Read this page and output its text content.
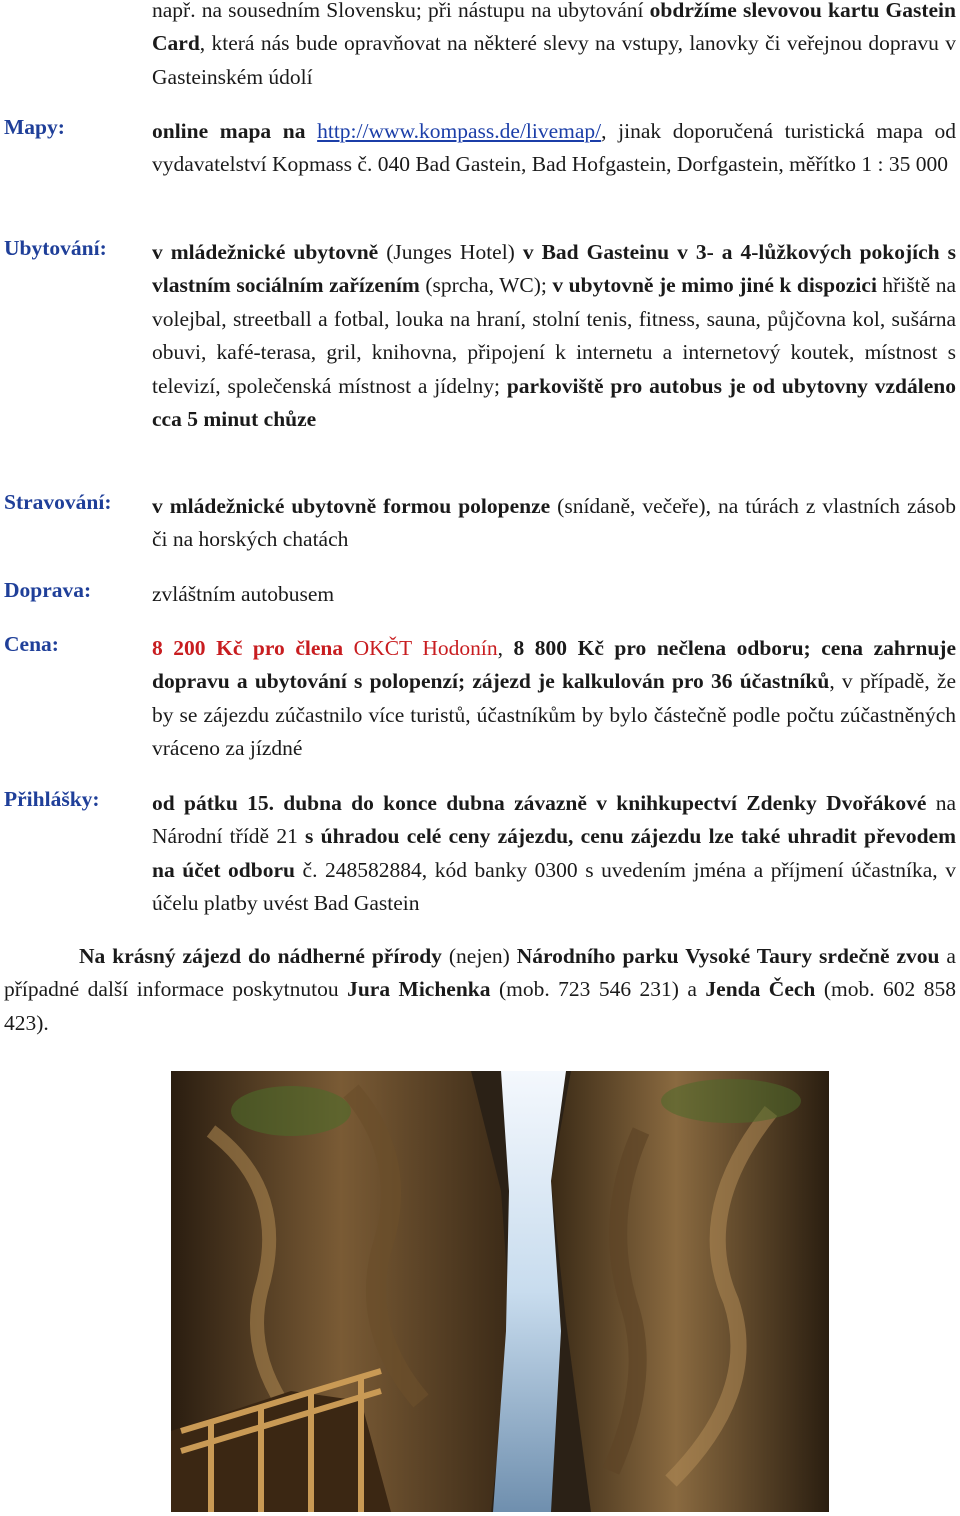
např. na sousedním Slovensku; při nástupu na ubytování obdržíme slevovou kartu Gastein Card, která nás bude opravňovat na některé slevy na vstupy, lanovky či veřejnou dopravu v Gasteinském údolí

Mapy:	online mapa na http://www.kompass.de/livemap/, jinak doporučená turistická mapa od vydavatelství Kopmass č. 040 Bad Gastein, Bad Hofgastein, Dorfgastein, měřítko 1 : 35 000

Ubytování: v mládežnické ubytovně (Junges Hotel) v Bad Gasteinu v 3- a 4-lůžkových pokojích s vlastním sociálním zařízením (sprcha, WC); v ubytovně je mimo jiné k dispozici hřiště na volejbal, streetball a fotbal, louka na hraní, stolní tenis, fitness, sauna, půjčovna kol, sušárna obuvi, kafé-terasa, gril, knihovna, připojení k internetu a internetový koutek, místnost s televizí, společenská místnost a jídelny; parkoviště pro autobus je od ubytovny vzdáleno cca 5 minut chůze

Stravování: v mládežnické ubytovně formou polopenze (snídaně, večeře), na túrách z vlastních zásob či na horských chatách

Doprava:	zvláštním autobusem
Cena:	8 200 Kč pro člena OKČT Hodonín, 8 800 Kč pro nečlena odboru; cena zahrnuje dopravu a ubytování s polopenzí; zájezd je kalkulován pro 36 účastníků, v případě, že by se zájezdu zúčastnilo více turistů, účastníkům by bylo částečně podle počtu zúčastněných vráceno za jízdné

Přihlášky: od pátku 15. dubna do konce dubna závazně v knihkupectví Zdenky Dvořákové na Národní třídě 21 s úhradou celé ceny zájezdu, cenu zájezdu lze také uhradit převodem na účet odboru č. 248582884, kód banky 0300 s uvedením jména a příjmení účastníka, v účelu platby uvést Bad Gastein

Na krásný zájezd do nádherné přírody (nejen) Národního parku Vysoké Taury srdečně zvou a případné další informace poskytnutou Jura Michenka (mob. 723 546 231) a Jenda Čech (mob. 602 858 423).
